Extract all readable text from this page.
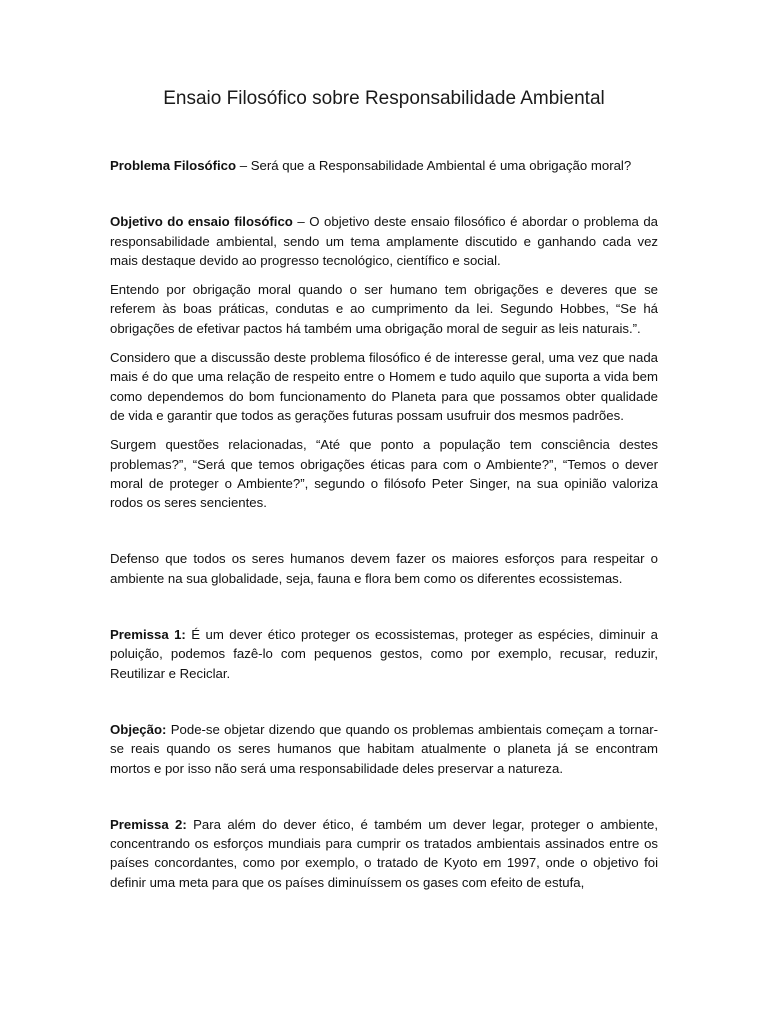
Ensaio Filosófico sobre Responsabilidade Ambiental

Problema Filosófico – Será que a Responsabilidade Ambiental é uma obrigação moral?

Objetivo do ensaio filosófico – O objetivo deste ensaio filosófico é abordar o problema da responsabilidade ambiental, sendo um tema amplamente discutido e ganhando cada vez mais destaque devido ao progresso tecnológico, científico e social.

Entendo por obrigação moral quando o ser humano tem obrigações e deveres que se referem às boas práticas, condutas e ao cumprimento da lei. Segundo Hobbes, “Se há obrigações de efetivar pactos há também uma obrigação moral de seguir as leis naturais.”.

Considero que a discussão deste problema filosófico é de interesse geral, uma vez que nada mais é do que uma relação de respeito entre o Homem e tudo aquilo que suporta a vida bem como dependemos do bom funcionamento do Planeta para que possamos obter qualidade de vida e garantir que todos as gerações futuras possam usufruir dos mesmos padrões.

Surgem questões relacionadas, “Até que ponto a população tem consciência destes problemas?”, “Será que temos obrigações éticas para com o Ambiente?”, “Temos o dever moral de proteger o Ambiente?”, segundo o filósofo Peter Singer, na sua opinião valoriza rodos os seres sencientes.

Defenso que todos os seres humanos devem fazer os maiores esforços para respeitar o ambiente na sua globalidade, seja, fauna e flora bem como os diferentes ecossistemas.

Premissa 1: É um dever ético proteger os ecossistemas, proteger as espécies, diminuir a poluição, podemos fazê-lo com pequenos gestos, como por exemplo, recusar, reduzir, Reutilizar e Reciclar.

Objeção: Pode-se objetar dizendo que quando os problemas ambientais começam a tornar-se reais quando os seres humanos que habitam atualmente o planeta já se encontram mortos e por isso não será uma responsabilidade deles preservar a natureza.

Premissa 2: Para além do dever ético, é também um dever legar, proteger o ambiente, concentrando os esforços mundiais para cumprir os tratados ambientais assinados entre os países concordantes, como por exemplo, o tratado de Kyoto em 1997, onde o objetivo foi definir uma meta para que os países diminuíssem os gases com efeito de estufa,
